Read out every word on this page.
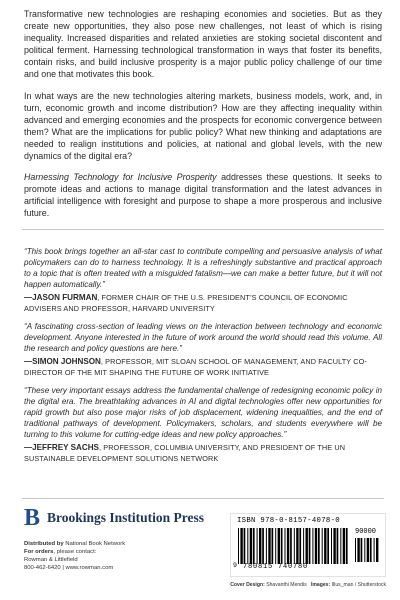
Transformative new technologies are reshaping economies and societies. But as they create new opportunities, they also pose new challenges, not least of which is rising inequality. Increased disparities and related anxieties are stoking societal discontent and political ferment. Harnessing technological transformation in ways that foster its benefits, contain risks, and build inclusive prosperity is a major public policy challenge of our time and one that motivates this book.

In what ways are the new technologies altering markets, business models, work, and, in turn, economic growth and income distribution? How are they affecting inequality within advanced and emerging economies and the prospects for economic convergence between them? What are the implications for public policy? What new thinking and adaptations are needed to realign institutions and policies, at national and global levels, with the new dynamics of the digital era?

Harnessing Technology for Inclusive Prosperity addresses these questions. It seeks to promote ideas and actions to manage digital transformation and the latest advances in artificial intelligence with foresight and purpose to shape a more prosperous and inclusive future.

“This book brings together an all-star cast to contribute compelling and persuasive analysis of what policymakers can do to harness technology. It is a refreshingly substantive and practical approach to a topic that is often treated with a misguided fatalism—we can make a better future, but it will not happen automatically.”
—JASON FURMAN, FORMER CHAIR OF THE U.S. PRESIDENT’S COUNCIL OF ECONOMIC ADVISERS AND PROFESSOR, HARVARD UNIVERSITY
“A fascinating cross-section of leading views on the interaction between technology and economic development. Anyone interested in the future of work around the world should read this volume. All the research and policy questions are here.”
—SIMON JOHNSON, PROFESSOR, MIT SLOAN SCHOOL OF MANAGEMENT, AND FACULTY CO-DIRECTOR OF THE MIT SHAPING THE FUTURE OF WORK INITIATIVE
“These very important essays address the fundamental challenge of redesigning economic policy in the digital era. The breathtaking advances in AI and digital technologies offer new opportunities for rapid growth but also pose major risks of job displacement, widening inequalities, and the end of traditional pathways of development. Policymakers, scholars, and students everywhere will be turning to this volume for cutting-edge ideas and new policy approaches.”
—JEFFREY SACHS, PROFESSOR, COLUMBIA UNIVERSITY, AND PRESIDENT OF THE UN SUSTAINABLE DEVELOPMENT SOLUTIONS NETWORK
B Brookings Institution Press
Distributed by National Book Network
For orders, please contact:
Rowman & Littlefield
800-462-6420 | www.rowman.com
ISBN 978-0-8157-4078-0
90000
9 780815 740780
Cover Design: Shavanthi Mendis Images: Illus_man / Shutterstock
